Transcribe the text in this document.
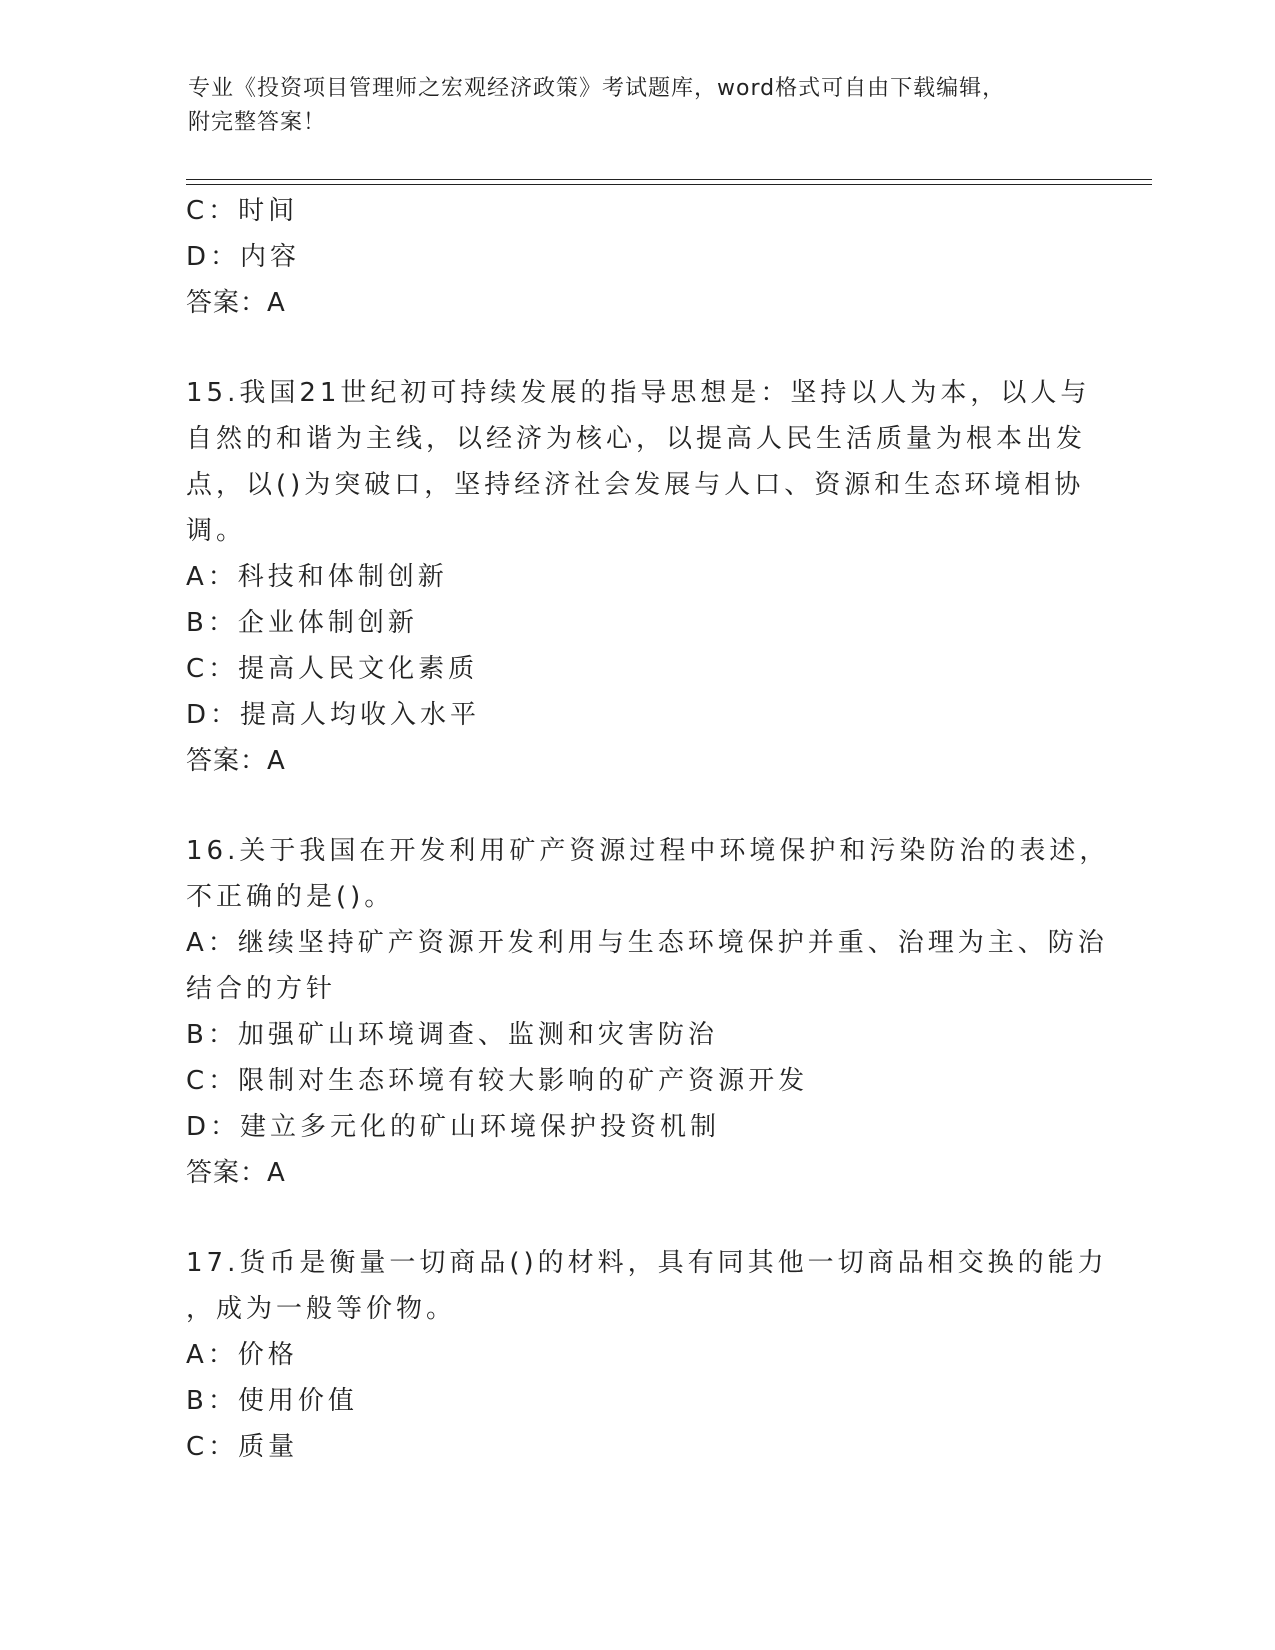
专业《投资项目管理师之宏观经济政策》考试题库，word格式可自由下载编辑，
附完整答案！
C：时间
D：内容
答案：A
15.我国21世纪初可持续发展的指导思想是：坚持以人为本，以人与
自然的和谐为主线，以经济为核心，以提高人民生活质量为根本出发
点，以()为突破口，坚持经济社会发展与人口、资源和生态环境相协
调。
A：科技和体制创新
B：企业体制创新
C：提高人民文化素质
D：提高人均收入水平
答案：A
16.关于我国在开发利用矿产资源过程中环境保护和污染防治的表述，
不正确的是()。
A：继续坚持矿产资源开发利用与生态环境保护并重、治理为主、防治
结合的方针
B：加强矿山环境调查、监测和灾害防治
C：限制对生态环境有较大影响的矿产资源开发
D：建立多元化的矿山环境保护投资机制
答案：A
17.货币是衡量一切商品()的材料，具有同其他一切商品相交换的能力
，成为一般等价物。
A：价格
B：使用价值
C：质量
